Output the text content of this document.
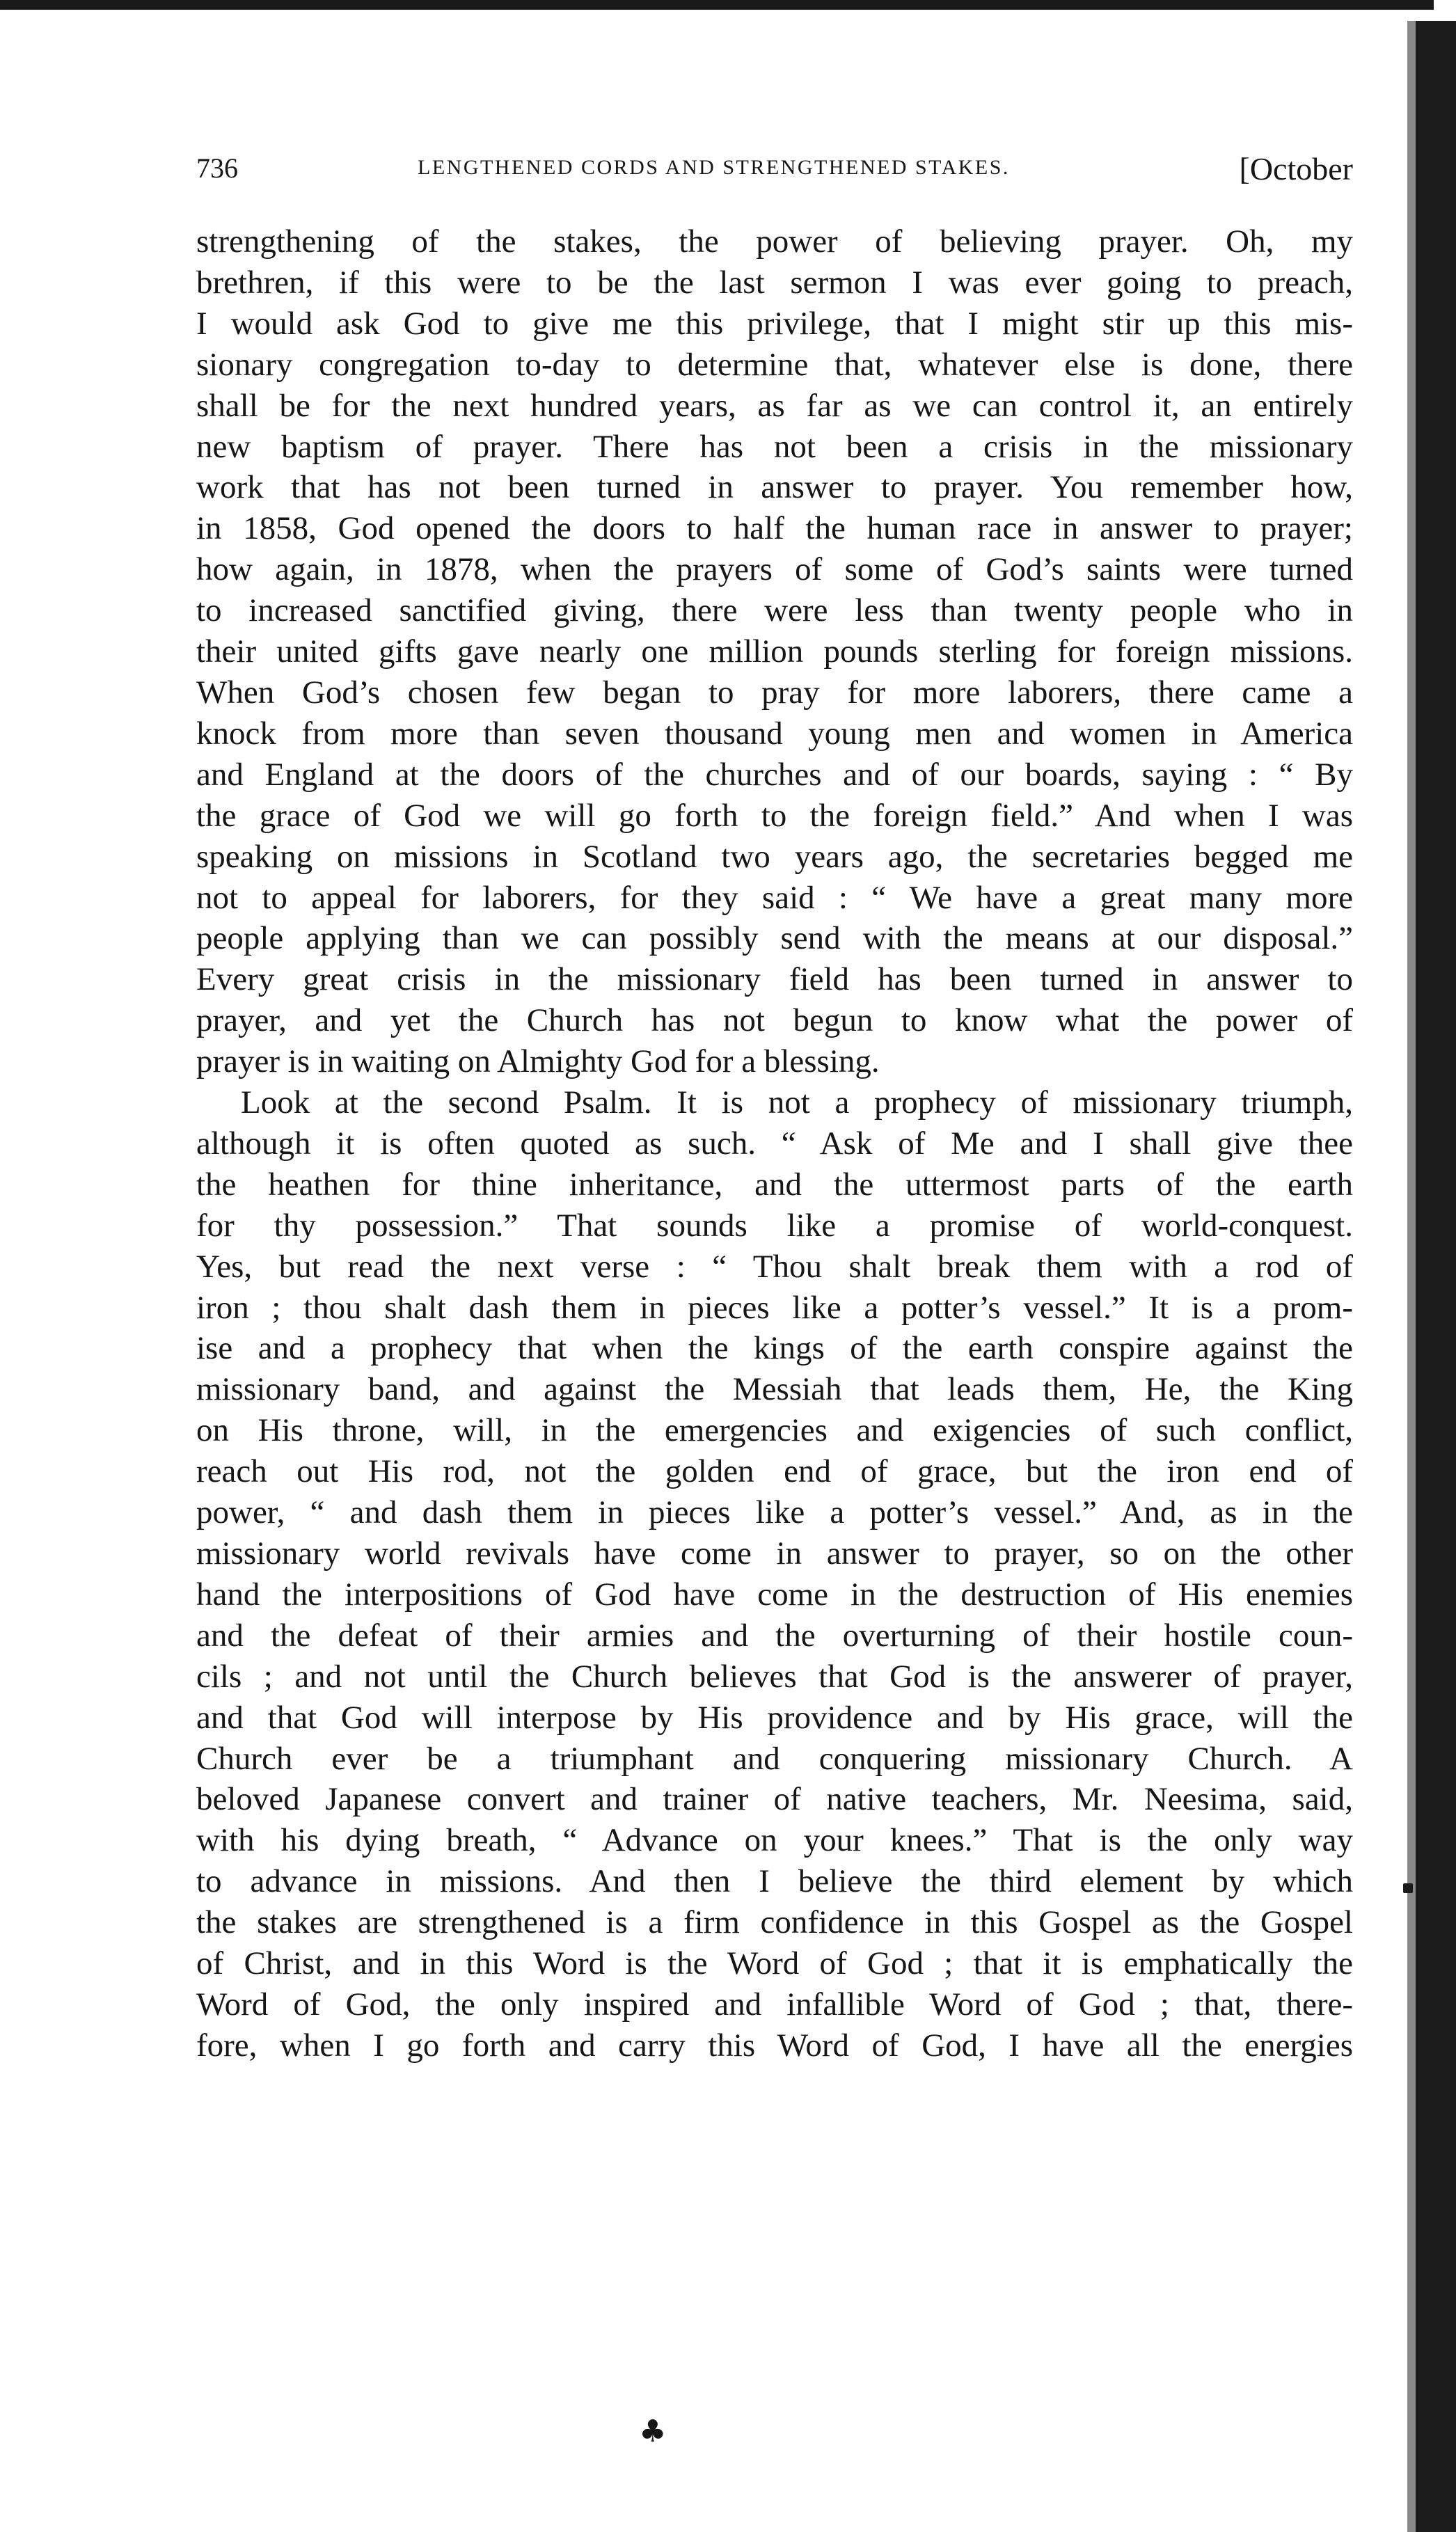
736	LENGTHENED CORDS AND STRENGTHENED STAKES.	[October
strengthening of the stakes, the power of believing prayer. Oh, my
brethren, if this were to be the last sermon I was ever going to preach,
I would ask God to give me this privilege, that I might stir up this mis-
sionary congregation to-day to determine that, whatever else is done, there
shall be for the next hundred years, as far as we can control it, an entirely
new baptism of prayer. There has not been a crisis in the missionary
work that has not been turned in answer to prayer. You remember how,
in 1858, God opened the doors to half the human race in answer to prayer;
how again, in 1878, when the prayers of some of God’s saints were turned
to increased sanctified giving, there were less than twenty people who in
their united gifts gave nearly one million pounds sterling for foreign missions.
When God’s chosen few began to pray for more laborers, there came a
knock from more than seven thousand young men and women in America
and England at the doors of the churches and of our boards, saying : “ By
the grace of God we will go forth to the foreign field.” And when I was
speaking on missions in Scotland two years ago, the secretaries begged me
not to appeal for laborers, for they said : “ We have a great many more
people applying than we can possibly send with the means at our disposal.”
Every great crisis in the missionary field has been turned in answer to
prayer, and yet the Church has not begun to know what the power of
prayer is in waiting on Almighty God for a blessing.
Look at the second Psalm. It is not a prophecy of missionary triumph,
although it is often quoted as such. “ Ask of Me and I shall give thee
the heathen for thine inheritance, and the uttermost parts of the earth
for thy possession.” That sounds like a promise of world-conquest.
Yes, but read the next verse : “ Thou shalt break them with a rod of
iron ; thou shalt dash them in pieces like a potter’s vessel.” It is a prom-
ise and a prophecy that when the kings of the earth conspire against the
missionary band, and against the Messiah that leads them, He, the King
on His throne, will, in the emergencies and exigencies of such conflict,
reach out His rod, not the golden end of grace, but the iron end of
power, “ and dash them in pieces like a potter’s vessel.” And, as in the
missionary world revivals have come in answer to prayer, so on the other
hand the interpositions of God have come in the destruction of His enemies
and the defeat of their armies and the overturning of their hostile coun-
cils ; and not until the Church believes that God is the answerer of prayer,
and that God will interpose by His providence and by His grace, will the
Church ever be a triumphant and conquering missionary Church. A
beloved Japanese convert and trainer of native teachers, Mr. Neesima, said,
with his dying breath, “ Advance on your knees.” That is the only way
to advance in missions. And then I believe the third element by which
the stakes are strengthened is a firm confidence in this Gospel as the Gospel
of Christ, and in this Word is the Word of God ; that it is emphatically the
Word of God, the only inspired and infallible Word of God ; that, there-
fore, when I go forth and carry this Word of God, I have all the energies
♣
